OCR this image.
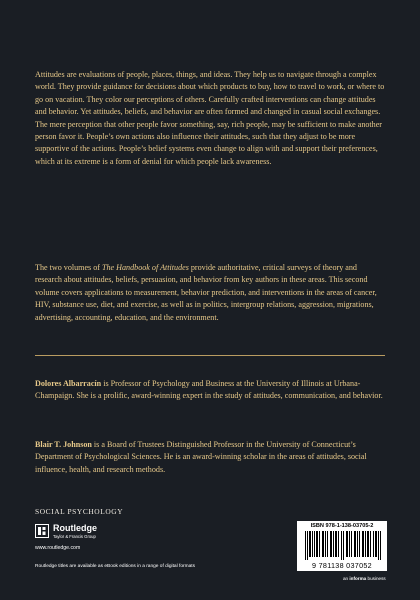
Attitudes are evaluations of people, places, things, and ideas. They help us to navigate through a complex world. They provide guidance for decisions about which products to buy, how to travel to work, or where to go on vacation. They color our perceptions of others. Carefully crafted interventions can change attitudes and behavior. Yet attitudes, beliefs, and behavior are often formed and changed in casual social exchanges. The mere perception that other people favor something, say, rich people, may be sufficient to make another person favor it. People’s own actions also influence their attitudes, such that they adjust to be more supportive of the actions. People’s belief systems even change to align with and support their preferences, which at its extreme is a form of denial for which people lack awareness.

The two volumes of The Handbook of Attitudes provide authoritative, critical surveys of theory and research about attitudes, beliefs, persuasion, and behavior from key authors in these areas. This second volume covers applications to measurement, behavior prediction, and interventions in the areas of cancer, HIV, substance use, diet, and exercise, as well as in politics, intergroup relations, aggression, migrations, advertising, accounting, education, and the environment.

Dolores Albarracín is Professor of Psychology and Business at the University of Illinois at Urbana-Champaign. She is a prolific, award-winning expert in the study of attitudes, communication, and behavior.

Blair T. Johnson is a Board of Trustees Distinguished Professor in the University of Connecticut’s Department of Psychological Sciences. He is an award-winning scholar in the areas of attitudes, social influence, health, and research methods.

SOCIAL PSYCHOLOGY

Routledge
Taylor & Francis Group

www.routledge.com

Routledge titles are available as eBook editions in a range of digital formats

ISBN 978-1-138-03705-2
9 781138 037052
an informa business
